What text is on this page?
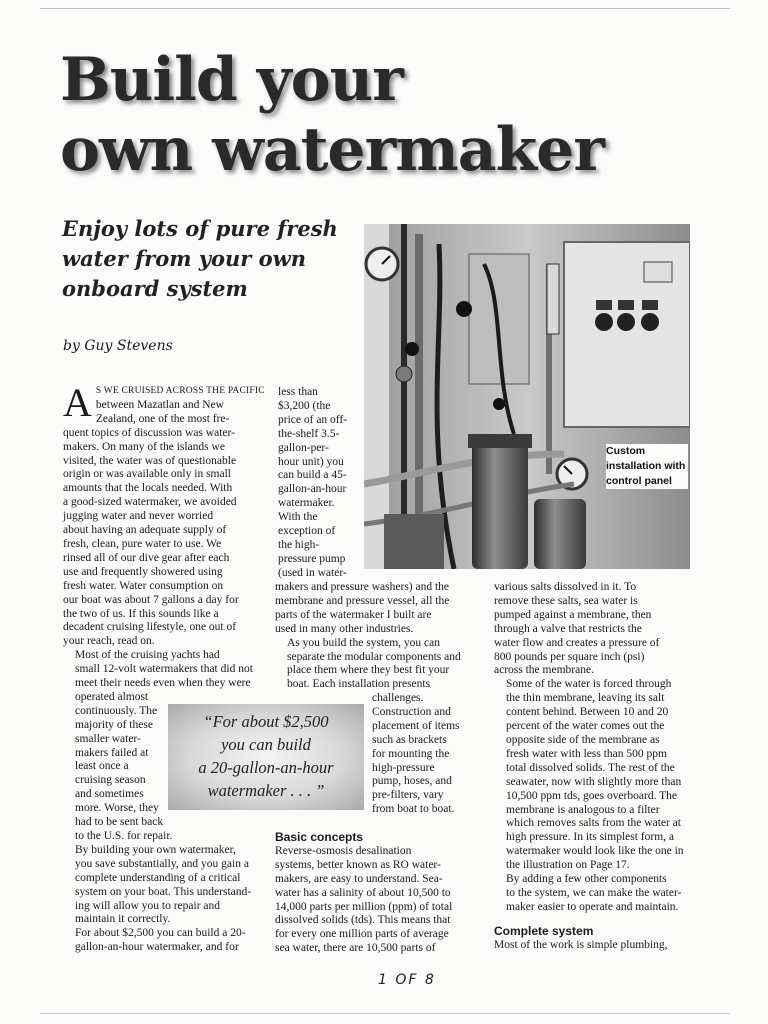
Build your
own watermaker
Enjoy lots of pure fresh
water from your own
onboard system
by Guy Stevens
Custom
installation with
control panel

A S WE CRUISED ACROSS THE PACIFIC between Mazatlan and New
Zealand, one of the most fre-
quent topics of discussion was water-
makers. On many of the islands we
visited, the water was of questionable
origin or was available only in small
amounts that the locals needed. With
a good-sized watermaker, we avoided
jugging water and never worried
about having an adequate supply of
fresh, clean, pure water to use. We
rinsed all of our dive gear after each
use and frequently showered using
fresh water. Water consumption on
our boat was about 7 gallons a day for
the two of us. If this sounds like a
decadent cruising lifestyle, one out of
your reach, read on.

Most of the cruising yachts had
small 12-volt watermakers that did not
meet their needs even when they were
operated almost
continuously. The
majority of these
smaller water-
makers failed at
least once a
cruising season
and sometimes
more. Worse, they
had to be sent back
to the U.S. for repair.

By building your own watermaker,
you save substantially, and you gain a
complete understanding of a critical
system on your boat. This understand-
ing will allow you to repair and
maintain it correctly.

For about $2,500 you can build a 20-
gallon-an-hour watermaker, and for

less than
$3,200 (the
price of an off-
the-shelf 3.5-
gallon-per-
hour unit) you
can build a 45-
gallon-an-hour
watermaker.
With the
exception of
the high-
pressure pump
(used in water-

makers and pressure washers) and the
membrane and pressure vessel, all the
parts of the watermaker I built are
used in many other industries.

As you build the system, you can
separate the modular components and
place them where they best fit your
boat. Each installation presents

challenges.
Construction and
placement of items
such as brackets
for mounting the
high-pressure
pump, hoses, and
pre-filters, vary
from boat to boat.
Basic concepts

Reverse-osmosis desalination
systems, better known as RO water-
makers, are easy to understand. Sea-
water has a salinity of about 10,500 to
14,000 parts per million (ppm) of total
dissolved solids (tds). This means that
for every one million parts of average
sea water, there are 10,500 parts of

various salts dissolved in it. To
remove these salts, sea water is
pumped against a membrane, then
through a valve that restricts the
water flow and creates a pressure of
800 pounds per square inch (psi)
across the membrane.

Some of the water is forced through
the thin membrane, leaving its salt
content behind. Between 10 and 20
percent of the water comes out the
opposite side of the membrane as
fresh water with less than 500 ppm
total dissolved solids. The rest of the
seawater, now with slightly more than
10,500 ppm tds, goes overboard. The
membrane is analogous to a filter
which removes salts from the water at
high pressure. In its simplest form, a
watermaker would look like the one in
the illustration on Page 17.

By adding a few other components
to the system, we can make the water-
maker easier to operate and maintain.

Complete system

Most of the work is simple plumbing,

“For about $2,500
you can build
a 20-gallon-an-hour
watermaker . . . ”
1 OF 8
